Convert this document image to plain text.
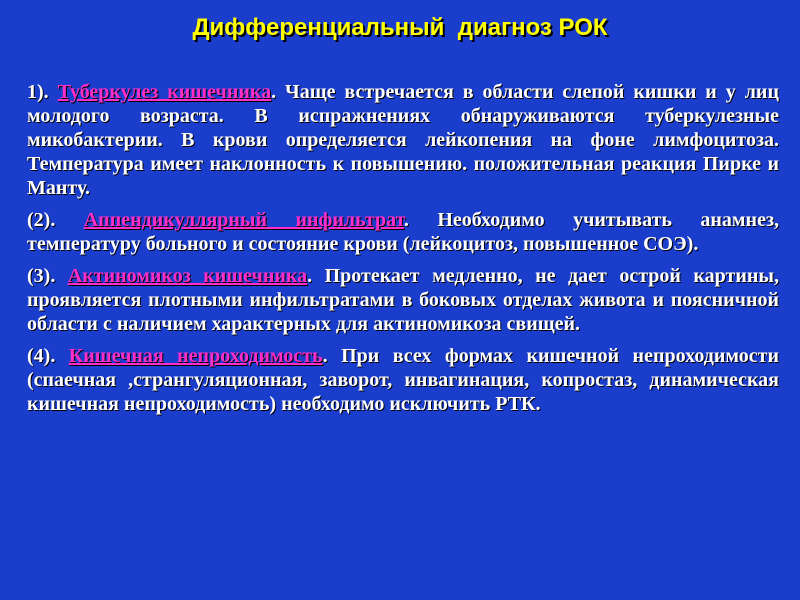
Дифференциальный  диагноз РОК

1). Туберкулез кишечника. Чаще встречается в области слепой кишки и у лиц молодого возраста. В испражнениях обнаруживаются туберкулезные микобактерии. В крови определяется лейкопения на фоне лимфоцитоза. Температура имеет наклонность к повышению. положительная реакция Пирке и Манту.

(2). Аппендикуллярный инфильтрат. Необходимо учитывать анамнез, температуру больного и состояние крови (лейкоцитоз, повышенное СОЭ).

(3). Актиномикоз кишечника. Протекает медленно, не дает острой картины, проявляется плотными инфильтратами в боковых отделах живота и поясничной области с наличием характерных для актиномикоза свищей.

(4). Кишечная непроходимость. При всех формах кишечной непроходимости (спаечная ,странгуляционная, заворот, инвагинация, копростаз, динамическая кишечная непроходимость) необходимо исключить РТК.
